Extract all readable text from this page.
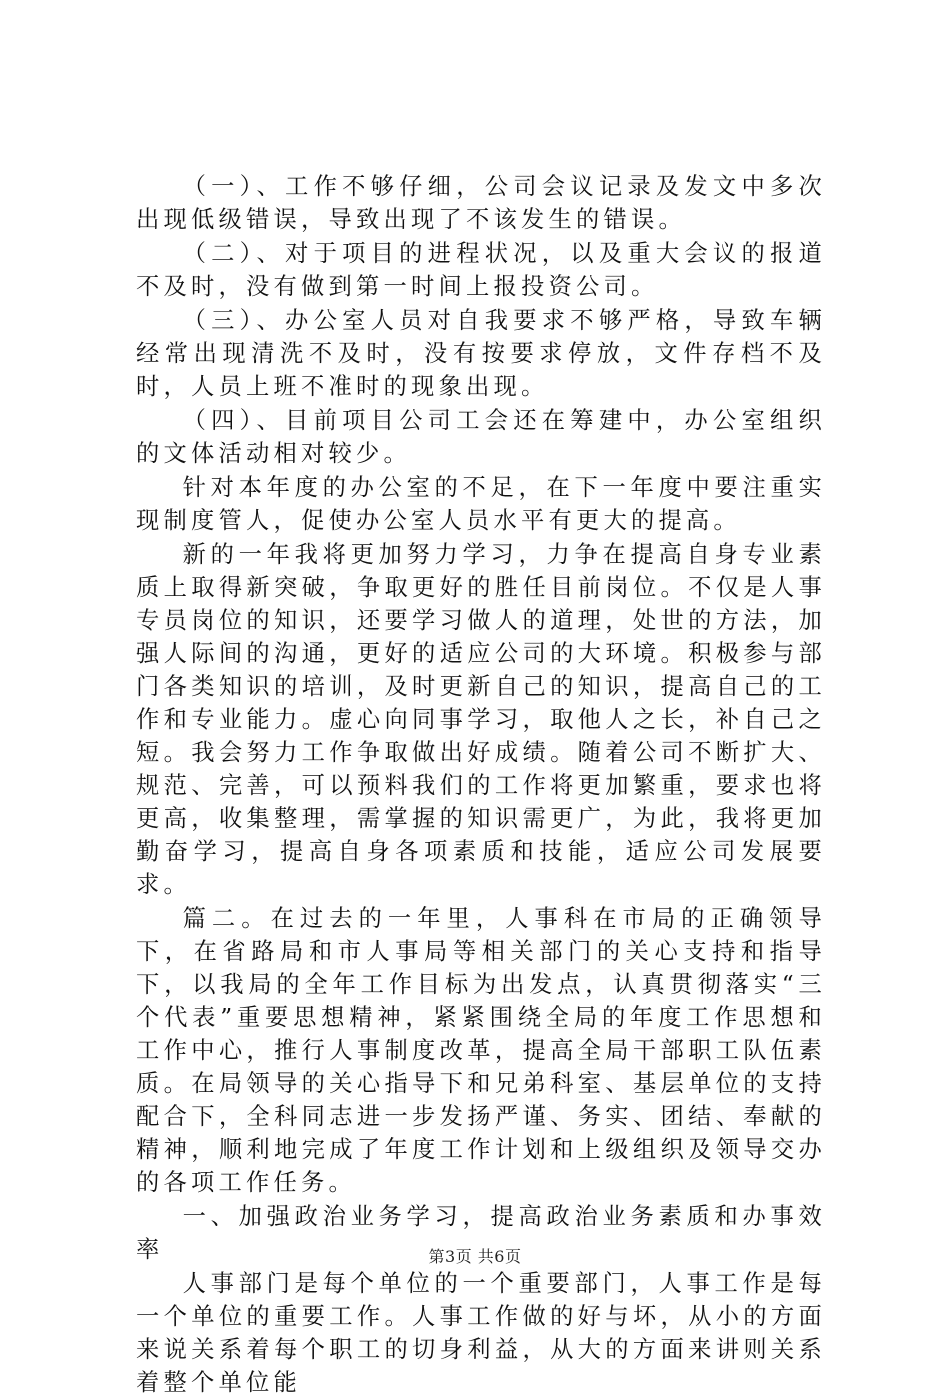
（一）、工作不够仔细，公司会议记录及发文中多次出现低级错误，导致出现了不该发生的错误。

（二）、对于项目的进程状况，以及重大会议的报道不及时，没有做到第一时间上报投资公司。

（三）、办公室人员对自我要求不够严格，导致车辆经常出现清洗不及时，没有按要求停放，文件存档不及时，人员上班不准时的现象出现。

（四）、目前项目公司工会还在筹建中，办公室组织的文体活动相对较少。

针对本年度的办公室的不足，在下一年度中要注重实现制度管人，促使办公室人员水平有更大的提高。

新的一年我将更加努力学习，力争在提高自身专业素质上取得新突破，争取更好的胜任目前岗位。不仅是人事专员岗位的知识，还要学习做人的道理，处世的方法，加强人际间的沟通，更好的适应公司的大环境。积极参与部门各类知识的培训，及时更新自己的知识，提高自己的工作和专业能力。虚心向同事学习，取他人之长，补自己之短。我会努力工作争取做出好成绩。随着公司不断扩大、规范、完善，可以预料我们的工作将更加繁重，要求也将更高，收集整理，需掌握的知识需更广，为此，我将更加勤奋学习，提高自身各项素质和技能，适应公司发展要求。

篇二。在过去的一年里，人事科在市局的正确领导下，在省路局和市人事局等相关部门的关心支持和指导下，以我局的全年工作目标为出发点，认真贯彻落实“三个代表”重要思想精神，紧紧围绕全局的年度工作思想和工作中心，推行人事制度改革，提高全局干部职工队伍素质。在局领导的关心指导下和兄弟科室、基层单位的支持配合下，全科同志进一步发扬严谨、务实、团结、奉献的精神，顺利地完成了年度工作计划和上级组织及领导交办的各项工作任务。

一、加强政治业务学习，提高政治业务素质和办事效率

人事部门是每个单位的一个重要部门，人事工作是每一个单位的重要工作。人事工作做的好与坏，从小的方面来说关系着每个职工的切身利益，从大的方面来讲则关系着整个单位能

第3页 共6页
